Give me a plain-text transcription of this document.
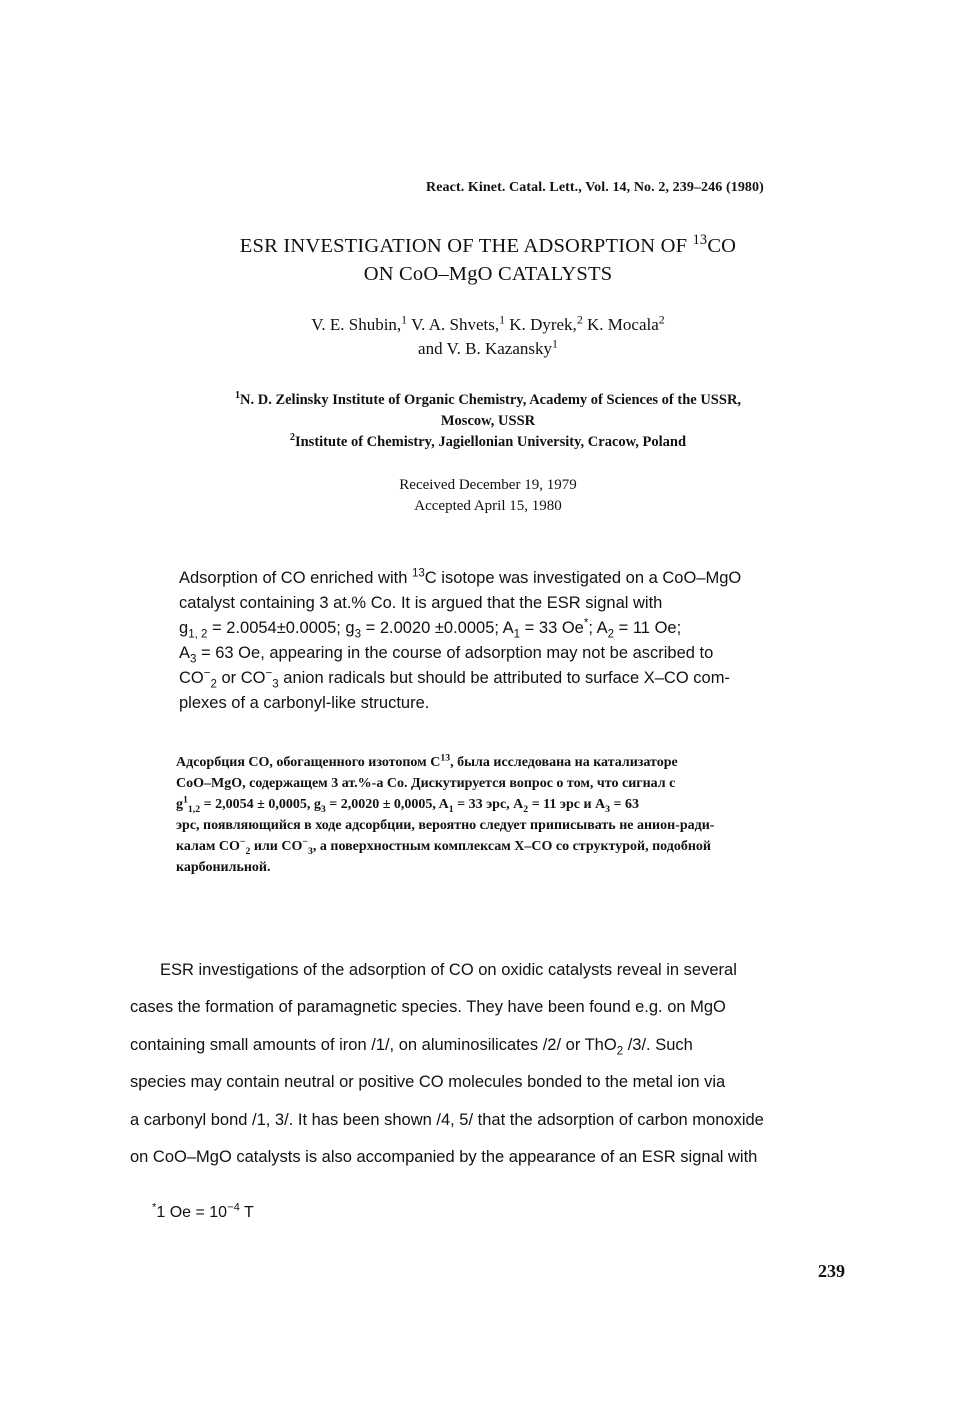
React. Kinet. Catal. Lett., Vol. 14, No. 2, 239–246 (1980)
ESR INVESTIGATION OF THE ADSORPTION OF $^{13}$CO
ON CoO–MgO CATALYSTS
V. E. Shubin,$^1$ V. A. Shvets,$^1$ K. Dyrek,$^2$ K. Mocala$^2$
and V. B. Kazansky$^1$
$^1$N. D. Zelinsky Institute of Organic Chemistry, Academy of Sciences of the USSR,
Moscow, USSR
$^2$Institute of Chemistry, Jagiellonian University, Cracow, Poland
Received December 19, 1979
Accepted April 15, 1980
Adsorption of CO enriched with $^{13}$C isotope was investigated on a CoO–MgO
catalyst containing 3 at.% Co. It is argued that the ESR signal with
$g_{1, 2} = 2.0054\pm 0.0005$; $g_3 = 2.0020 \pm 0.0005$; $A_1 = 33$ Oe*; $A_2 = 11$ Oe;
$A_3 = 63$ Oe, appearing in the course of adsorption may not be ascribed to
$CO^-_2$ or $CO^-_3$ anion radicals but should be attributed to surface X–CO com-
plexes of a carbonyl-like structure.
Адсорбция CO, обогащенного изотопом $C^{13}$, была исследована на катализаторе
CoO–MgO, содержащем 3 ат.%-а Co. Дискутируется вопрос о том, что сигнал с
$g^1_{1,2} = 2,0054 \pm 0,0005$, $g_3 = 2,0020 \pm 0,0005$, $A_1 = 33$ эрс, $A_2 = 11$ эрс и $A_3 = 63$
эрс, появляющийся в ходе адсорбции, вероятно следует приписывать не анион-ради-
калам $CO^-_2$ или $CO^-_3$, а поверхностным комплексам X–CO со структурой, подобной
карбонильной.
ESR investigations of the adsorption of CO on oxidic catalysts reveal in several
cases the formation of paramagnetic species. They have been found e.g. on MgO
containing small amounts of iron /1/, on aluminosilicates /2/ or ThO$_2$ /3/. Such
species may contain neutral or positive CO molecules bonded to the metal ion via
a carbonyl bond /1, 3/. It has been shown /4, 5/ that the adsorption of carbon monoxide
on CoO–MgO catalysts is also accompanied by the appearance of an ESR signal with
*1 $Oe = 10^{-4}$ T
239
